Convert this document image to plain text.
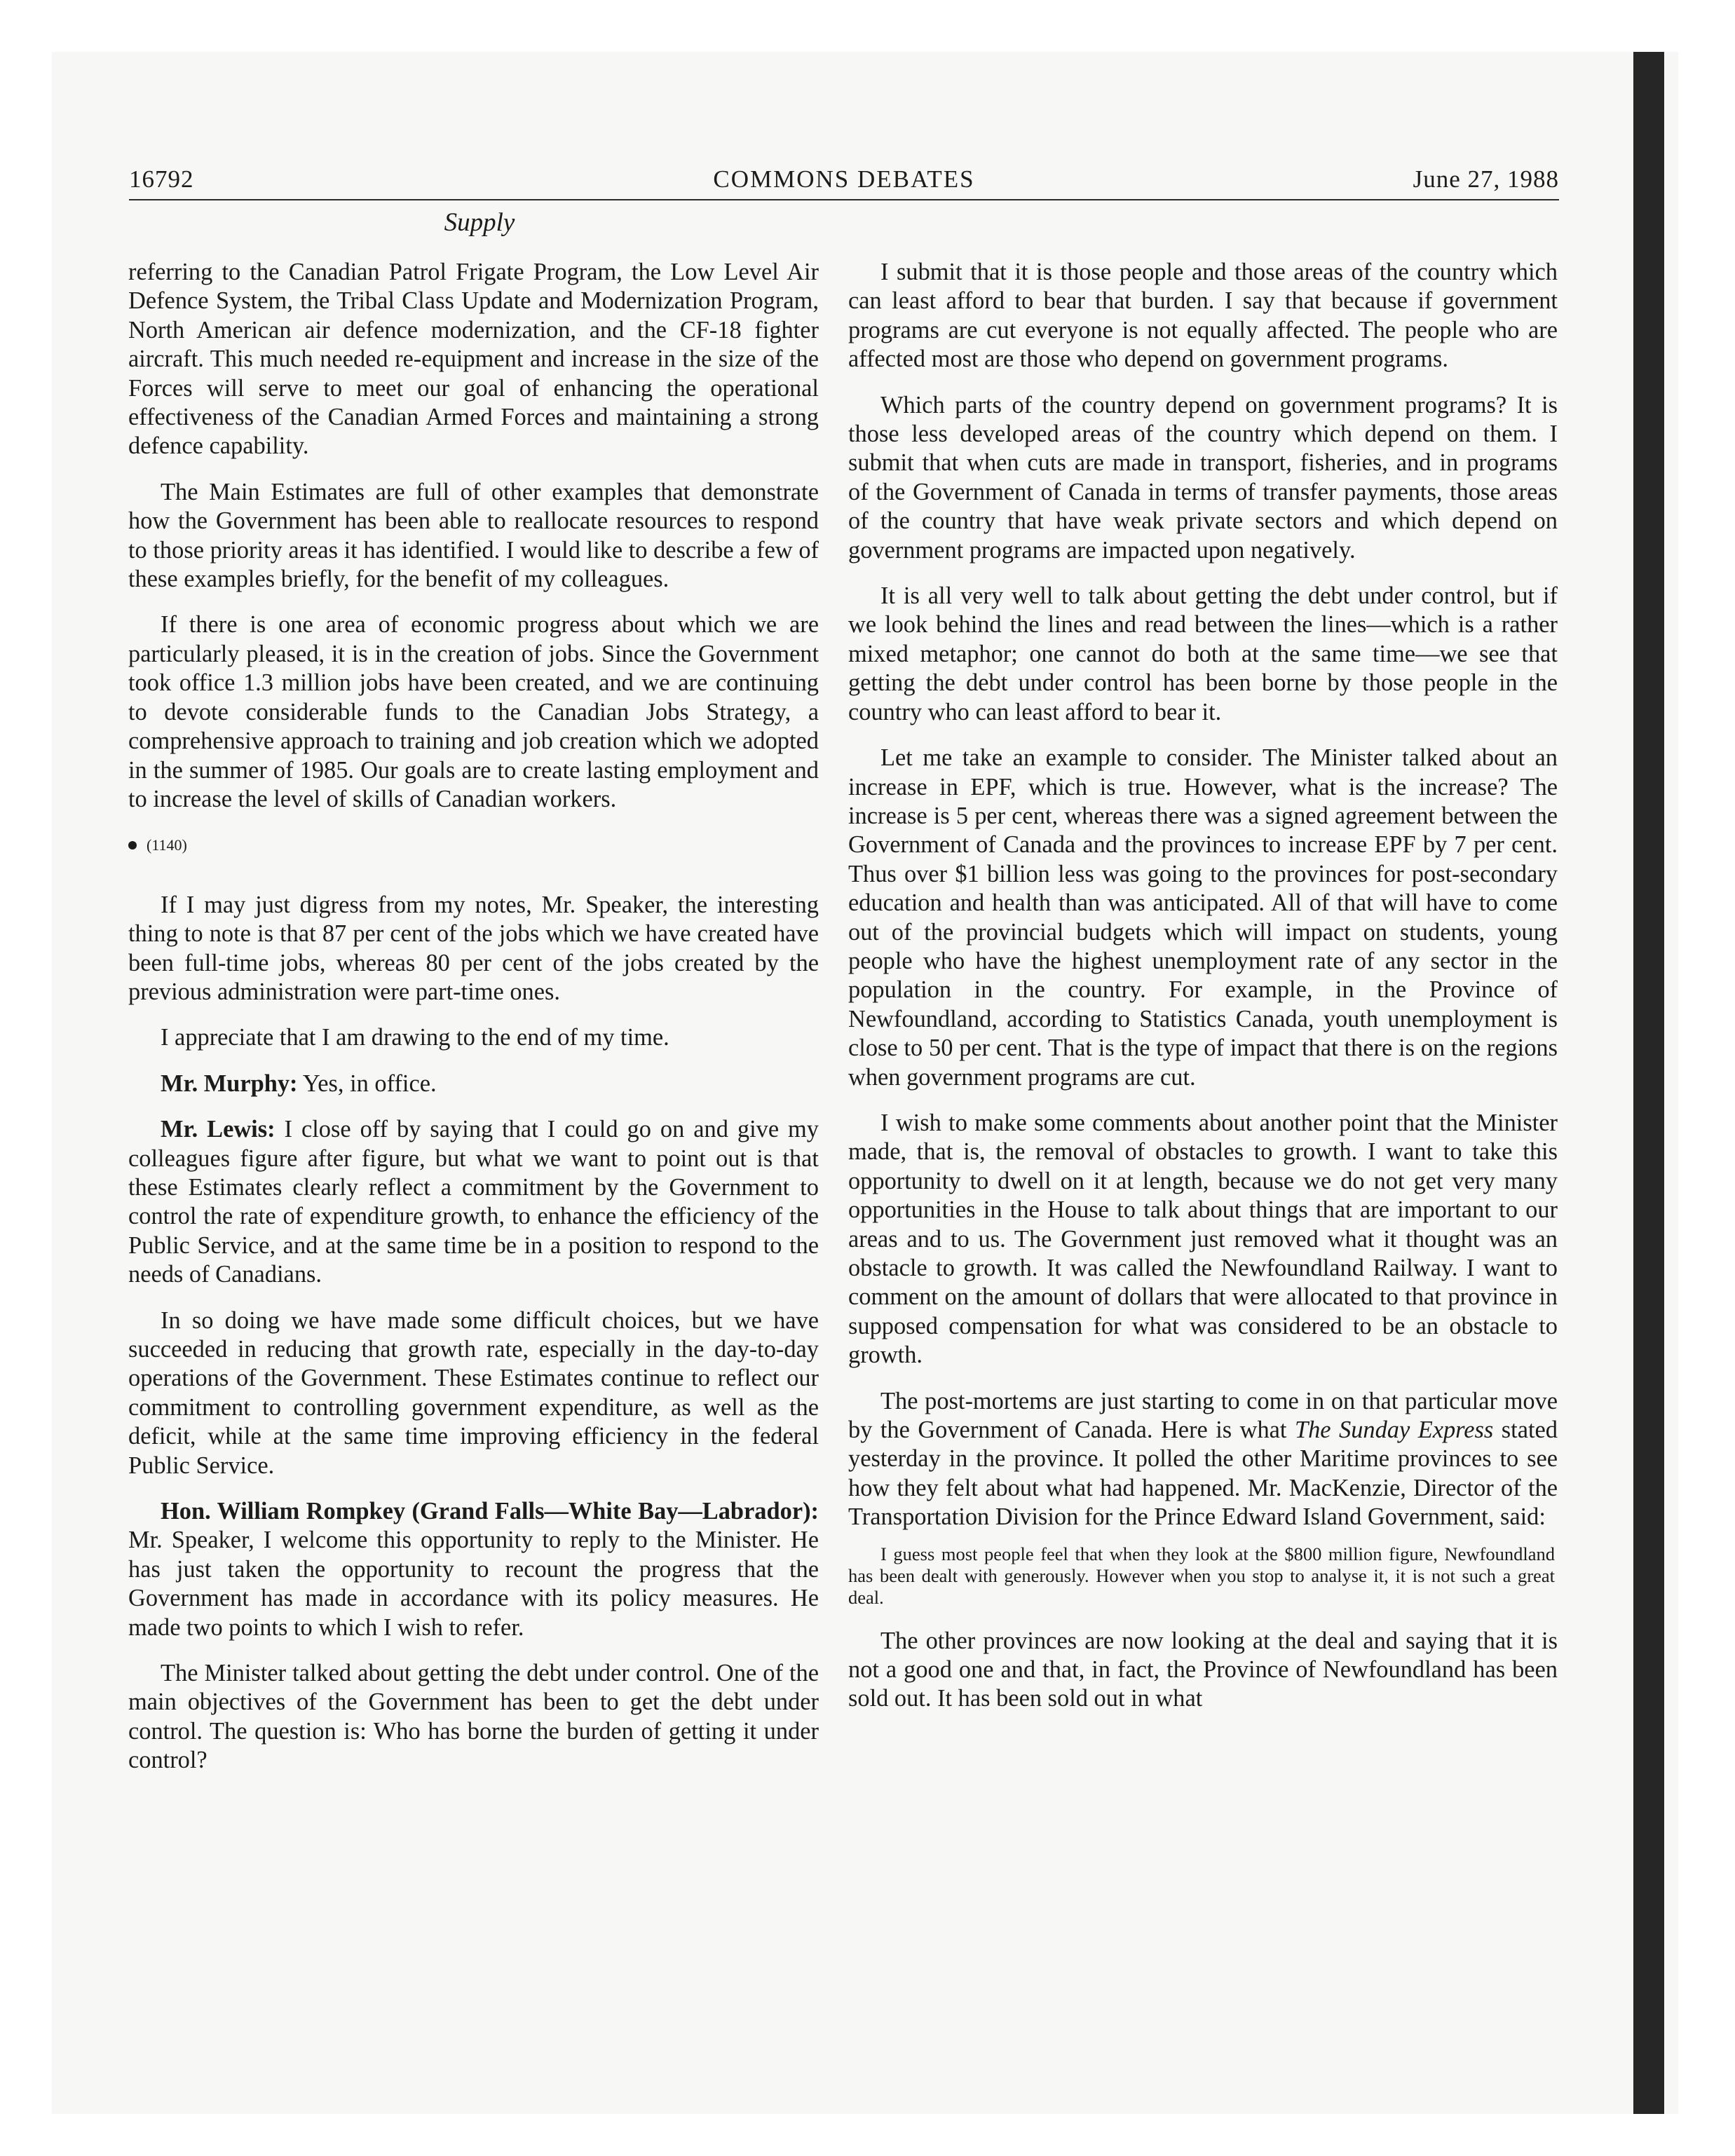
16792	COMMONS DEBATES	June 27, 1988
Supply

referring to the Canadian Patrol Frigate Program, the Low Level Air Defence System, the Tribal Class Update and Modernization Program, North American air defence modernization, and the CF-18 fighter aircraft. This much needed re-equipment and increase in the size of the Forces will serve to meet our goal of enhancing the operational effectiveness of the Canadian Armed Forces and maintaining a strong defence capability.

The Main Estimates are full of other examples that demonstrate how the Government has been able to reallocate resources to respond to those priority areas it has identified. I would like to describe a few of these examples briefly, for the benefit of my colleagues.

If there is one area of economic progress about which we are particularly pleased, it is in the creation of jobs. Since the Government took office 1.3 million jobs have been created, and we are continuing to devote considerable funds to the Canadian Jobs Strategy, a comprehensive approach to training and job creation which we adopted in the summer of 1985. Our goals are to create lasting employment and to increase the level of skills of Canadian workers.

(1140)

If I may just digress from my notes, Mr. Speaker, the interesting thing to note is that 87 per cent of the jobs which we have created have been full-time jobs, whereas 80 per cent of the jobs created by the previous administration were part-time ones.

I appreciate that I am drawing to the end of my time.

Mr. Murphy: Yes, in office.

Mr. Lewis: I close off by saying that I could go on and give my colleagues figure after figure, but what we want to point out is that these Estimates clearly reflect a commitment by the Government to control the rate of expenditure growth, to enhance the efficiency of the Public Service, and at the same time be in a position to respond to the needs of Canadians.

In so doing we have made some difficult choices, but we have succeeded in reducing that growth rate, especially in the day-to-day operations of the Government. These Estimates continue to reflect our commitment to controlling government expenditure, as well as the deficit, while at the same time improving efficiency in the federal Public Service.

Hon. William Rompkey (Grand Falls—White Bay—Labrador): Mr. Speaker, I welcome this opportunity to reply to the Minister. He has just taken the opportunity to recount the progress that the Government has made in accordance with its policy measures. He made two points to which I wish to refer.

The Minister talked about getting the debt under control. One of the main objectives of the Government has been to get the debt under control. The question is: Who has borne the burden of getting it under control?

I submit that it is those people and those areas of the country which can least afford to bear that burden. I say that because if government programs are cut everyone is not equally affected. The people who are affected most are those who depend on government programs.

Which parts of the country depend on government programs? It is those less developed areas of the country which depend on them. I submit that when cuts are made in transport, fisheries, and in programs of the Government of Canada in terms of transfer payments, those areas of the country that have weak private sectors and which depend on government programs are impacted upon negatively.

It is all very well to talk about getting the debt under control, but if we look behind the lines and read between the lines—which is a rather mixed metaphor; one cannot do both at the same time—we see that getting the debt under control has been borne by those people in the country who can least afford to bear it.

Let me take an example to consider. The Minister talked about an increase in EPF, which is true. However, what is the increase? The increase is 5 per cent, whereas there was a signed agreement between the Government of Canada and the provinces to increase EPF by 7 per cent. Thus over $1 billion less was going to the provinces for post-secondary education and health than was anticipated. All of that will have to come out of the provincial budgets which will impact on students, young people who have the highest unemployment rate of any sector in the population in the country. For example, in the Province of Newfoundland, according to Statistics Canada, youth unemployment is close to 50 per cent. That is the type of impact that there is on the regions when government programs are cut.

I wish to make some comments about another point that the Minister made, that is, the removal of obstacles to growth. I want to take this opportunity to dwell on it at length, because we do not get very many opportunities in the House to talk about things that are important to our areas and to us. The Government just removed what it thought was an obstacle to growth. It was called the Newfoundland Railway. I want to comment on the amount of dollars that were allocated to that province in supposed compensation for what was considered to be an obstacle to growth.

The post-mortems are just starting to come in on that particular move by the Government of Canada. Here is what The Sunday Express stated yesterday in the province. It polled the other Maritime provinces to see how they felt about what had happened. Mr. MacKenzie, Director of the Transportation Division for the Prince Edward Island Government, said:

I guess most people feel that when they look at the $800 million figure, Newfoundland has been dealt with generously. However when you stop to analyse it, it is not such a great deal.

The other provinces are now looking at the deal and saying that it is not a good one and that, in fact, the Province of Newfoundland has been sold out. It has been sold out in what
